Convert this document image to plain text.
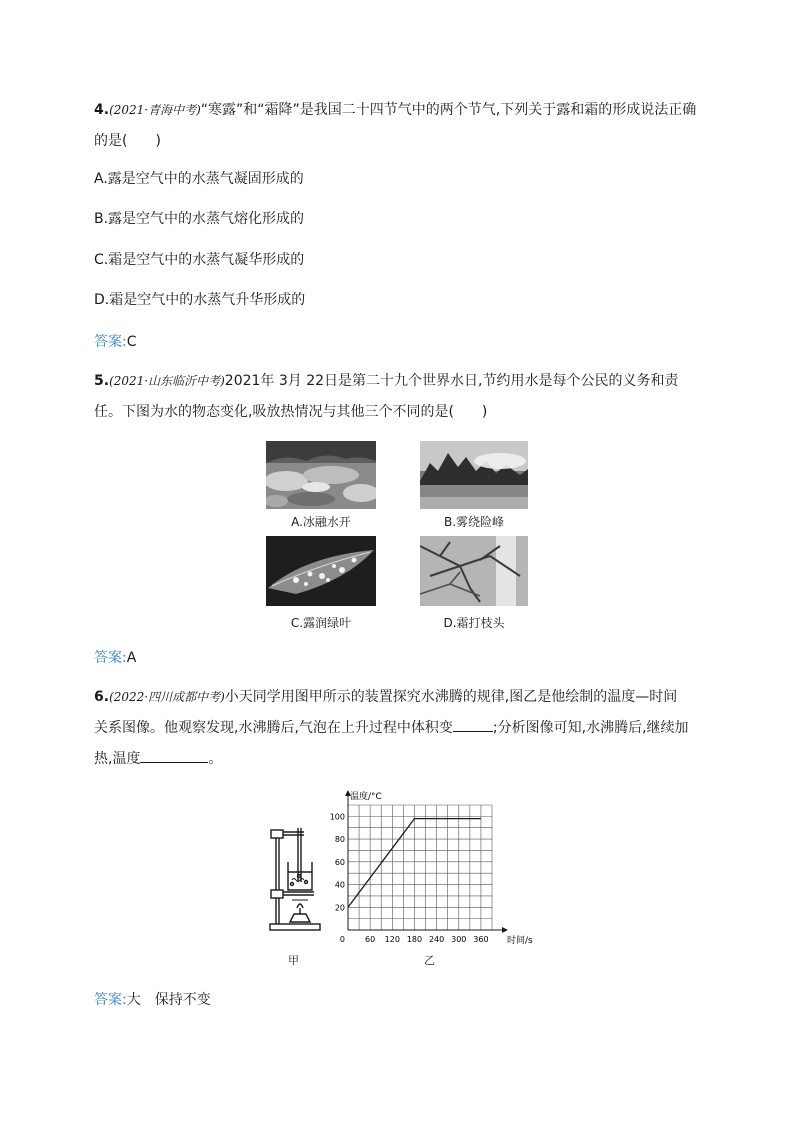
4.(2021·青海中考)“寒露”和“霜降”是我国二十四节气中的两个节气,下列关于露和霜的形成说法正确
的是(　　)
A.露是空气中的水蒸气凝固形成的
B.露是空气中的水蒸气熔化形成的
C.霜是空气中的水蒸气凝华形成的
D.霜是空气中的水蒸气升华形成的
答案:C
5.(2021·山东临沂中考)2021年 3月 22日是第二十九个世界水日,节约用水是每个公民的义务和责
任。下图为水的物态变化,吸放热情况与其他三个不同的是(　　)
A.冰融水开	B.雾绕险峰
C.露润绿叶	D.霜打枝头
答案:A
6.(2022·四川成都中考)小天同学用图甲所示的装置探究水沸腾的规律,图乙是他绘制的温度—时间
关系图像。他观察发现,水沸腾后,气泡在上升过程中体积变	;分析图像可知,水沸腾后,继续加
热,温度	。
甲
60 120 180 240 300 360
20
40
60
80
100
0
温度/°C
时间/s
乙
答案:大　保持不变
